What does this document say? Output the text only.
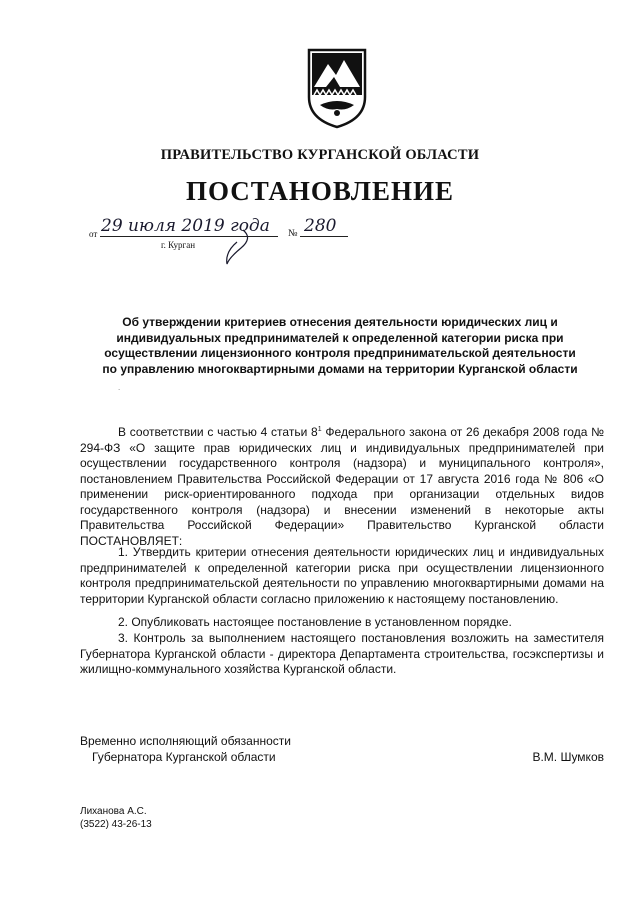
ПРАВИТЕЛЬСТВО КУРГАНСКОЙ ОБЛАСТИ
ПОСТАНОВЛЕНИЕ
от 29 июля 2019 года № 280
г. Курган
Об утверждении критериев отнесения деятельности юридических лиц и индивидуальных предпринимателей к определенной категории риска при осуществлении лицензионного контроля предпринимательской деятельности по управлению многоквартирными домами на территории Курганской области
.

В соответствии с частью 4 статьи $8^1$ Федерального закона от 26 декабря 2008 года № 294-ФЗ «О защите прав юридических лиц и индивидуальных предпринимателей при осуществлении государственного контроля (надзора) и муниципального контроля», постановлением Правительства Российской Федерации от 17 августа 2016 года № 806 «О применении риск-ориентированного подхода при организации отдельных видов государственного контроля (надзора) и внесении изменений в некоторые акты Правительства Российской Федерации» Правительство Курганской области ПОСТАНОВЛЯЕТ:

1. Утвердить критерии отнесения деятельности юридических лиц и индивидуальных предпринимателей к определенной категории риска при осуществлении лицензионного контроля предпринимательской деятельности по управлению многоквартирными домами на территории Курганской области согласно приложению к настоящему постановлению.

2. Опубликовать настоящее постановление в установленном порядке.

3. Контроль за выполнением настоящего постановления возложить на заместителя Губернатора Курганской области - директора Департамента строительства, госэкспертизы и жилищно-коммунального хозяйства Курганской области.

Временно исполняющий обязанности
Губернатора Курганской области	В.М. Шумков
Лиханова А.С.
(3522) 43-26-13
